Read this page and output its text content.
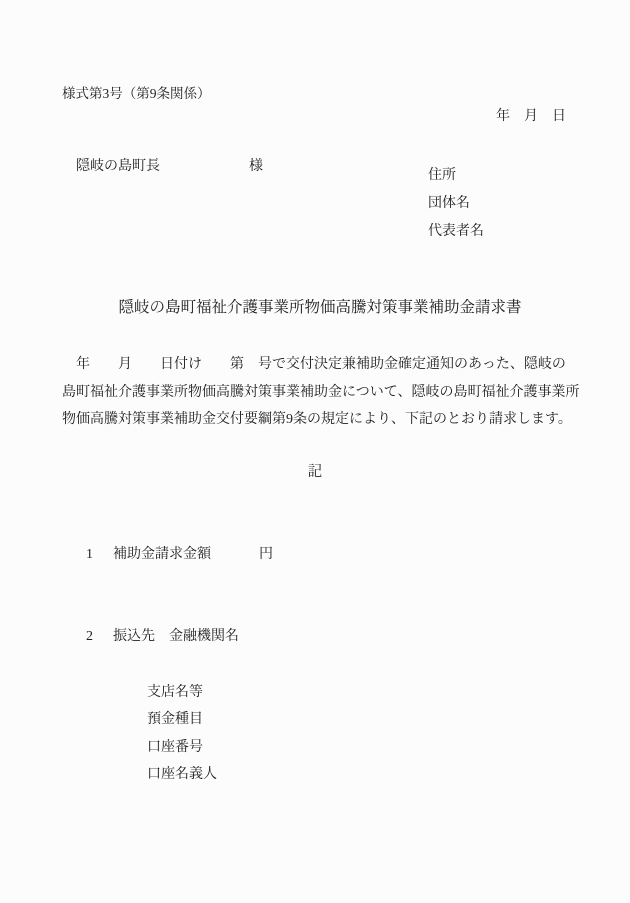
様式第3号（第9条関係）
年　月　日

隠岐の島町長	様

住所
団体名
代表者名
隠岐の島町福祉介護事業所物価高騰対策事業補助金請求書
　年　　月　　日付け　　第　号で交付決定兼補助金確定通知のあった、隠岐の
島町福祉介護事業所物価高騰対策事業補助金について、隠岐の島町福祉介護事業所
物価高騰対策事業補助金交付要綱第9条の規定により、下記のとおり請求します。
記

1 補助金請求金額	円

2 振込先 金融機関名

支店名等
預金種目
口座番号
口座名義人
